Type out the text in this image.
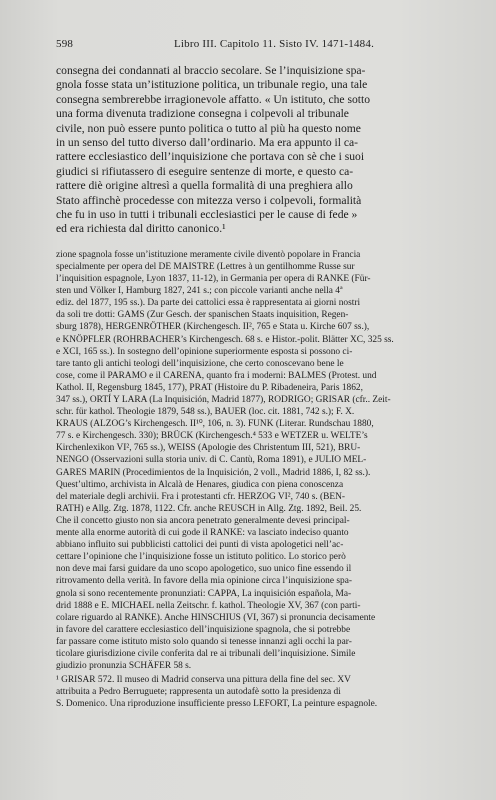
598	Libro III. Capitolo 11. Sisto IV. 1471-1484.
consegna dei condannati al braccio secolare. Se l’inquisizione spa-
gnola fosse stata un’istituzione politica, un tribunale regio, una tale
consegna sembrerebbe irragionevole affatto. « Un istituto, che sotto
una forma divenuta tradizione consegna i colpevoli al tribunale
civile, non può essere punto politica o tutto al più ha questo nome
in un senso del tutto diverso dall’ordinario. Ma era appunto il ca-
rattere ecclesiastico dell’inquisizione che portava con sè che i suoi
giudici si rifiutassero di eseguire sentenze di morte, e questo ca-
rattere diè origine altresì a quella formalità di una preghiera allo
Stato affinchè procedesse con mitezza verso i colpevoli, formalità
che fu in uso in tutti i tribunali ecclesiastici per le cause di fede »
ed era richiesta dal diritto canonico.¹
zione spagnola fosse un’istituzione meramente civile diventò popolare in Francia
specialmente per opera del DE MAISTRE (Lettres à un gentilhomme Russe sur
l’inquisition espagnole, Lyon 1837, 11-12), in Germania per opera di RANKE (Für-
sten und Völker I, Hamburg 1827, 241 s.; con piccole varianti anche nella 4ª
ediz. del 1877, 195 ss.). Da parte dei cattolici essa è rappresentata ai giorni nostri
da soli tre dotti: GAMS (Zur Gesch. der spanischen Staats inquisition, Regen-
sburg 1878), HERGENRÖTHER (Kirchengesch. II², 765 e Stata u. Kirche 607 ss.),
e KNÖPFLER (ROHRBACHER’s Kirchengesch. 68 s. e Histor.-polit. Blätter XC, 325 ss.
e XCI, 165 ss.). In sostegno dell’opinione superiormente esposta si possono ci-
tare tanto gli antichi teologi dell’inquisizione, che certo conoscevano bene le
cose, come il PARAMO e il CARENA, quanto fra i moderni: BALMES (Protest. und
Kathol. II, Regensburg 1845, 177), PRAT (Histoire du P. Ribadeneira, Paris 1862,
347 ss.), ORTÍ Y LARA (La Inquisición, Madrid 1877), RODRIGO; GRISAR (cfr.. Zeit-
schr. für kathol. Theologie 1879, 548 ss.), BAUER (loc. cit. 1881, 742 s.); F. X.
KRAUS (ALZOG’s Kirchengesch. II¹⁰, 106, n. 3). FUNK (Literar. Rundschau 1880,
77 s. e Kirchengesch. 330); BRÜCK (Kirchengesch.⁴ 533 e WETZER u. WELTE’s
Kirchenlexikon VI², 765 ss.), WEISS (Apologie des Christentum III, 521), BRU-
NENGO (Osservazioni sulla storia univ. di C. Cantù, Roma 1891), e JULIO MEL-
GARES MARIN (Procedimientos de la Inquisición, 2 voll., Madrid 1886, I, 82 ss.).
Quest’ultimo, archivista in Alcalà de Henares, giudica con piena conoscenza
del materiale degli archivii. Fra i protestanti cfr. HERZOG VI², 740 s. (BEN-
RATH) e Allg. Ztg. 1878, 1122. Cfr. anche REUSCH in Allg. Ztg. 1892, Beil. 25.
Che il concetto giusto non sia ancora penetrato generalmente devesi principal-
mente alla enorme autorità di cui gode il RANKE: va lasciato indeciso quanto
abbiano influito sui pubblicisti cattolici dei punti di vista apologetici nell’ac-
cettare l’opinione che l’inquisizione fosse un istituto politico. Lo storico però
non deve mai farsi guidare da uno scopo apologetico, suo unico fine essendo il
ritrovamento della verità. In favore della mia opinione circa l’inquisizione spa-
gnola si sono recentemente pronunziati: CAPPA, La inquisición española, Ma-
drid 1888 e E. MICHAEL nella Zeitschr. f. kathol. Theologie XV, 367 (con parti-
colare riguardo al RANKE). Anche HINSCHIUS (VI, 367) si pronuncia decisamente
in favore del carattere ecclesiastico dell’inquisizione spagnola, che si potrebbe
far passare come istituto misto solo quando si tenesse innanzi agli occhi la par-
ticolare giurisdizione civile conferita dal re ai tribunali dell’inquisizione. Simile
giudizio pronunzia SCHÄFER 58 s.
¹ GRISAR 572. Il museo di Madrid conserva una pittura della fine del sec. XV
attribuita a Pedro Berruguete; rappresenta un autodafè sotto la presidenza di
S. Domenico. Una riproduzione insufficiente presso LEFORT, La peinture espagnole.
